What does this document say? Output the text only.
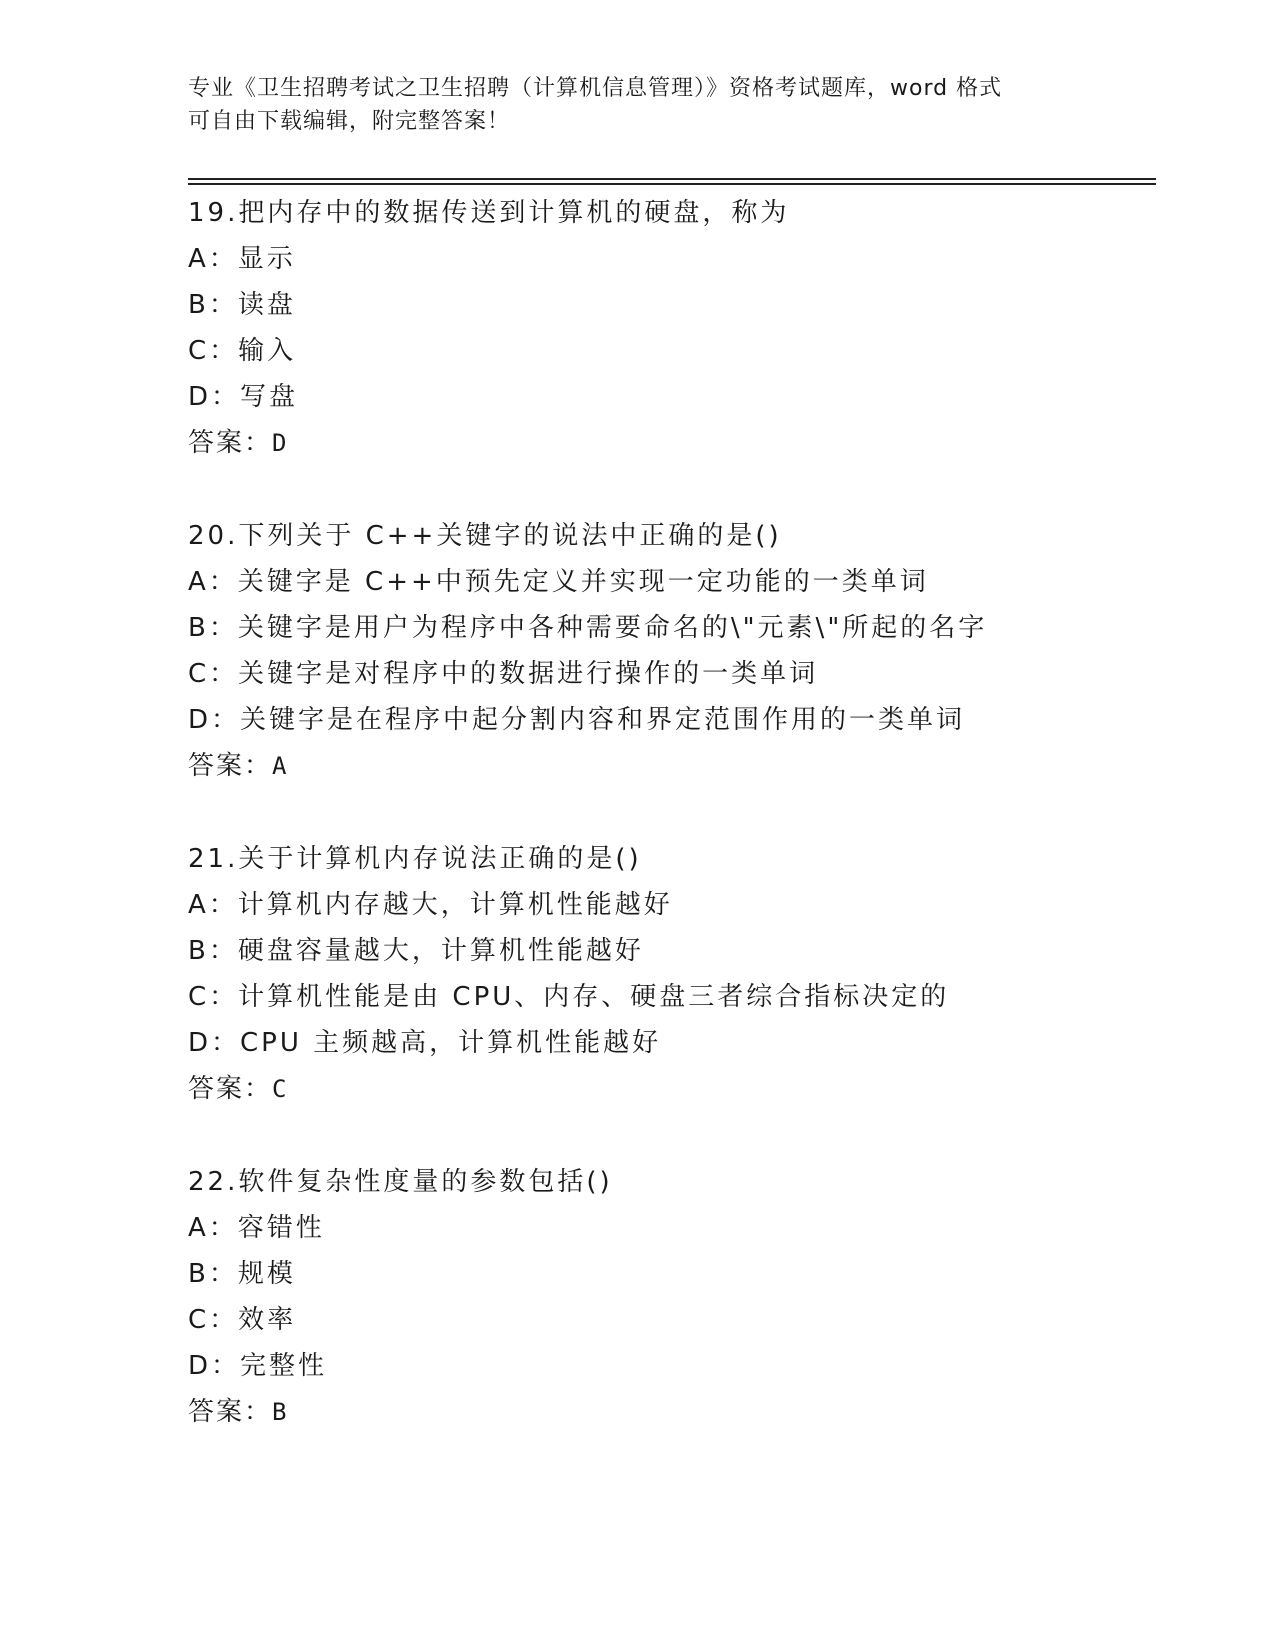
专业《卫生招聘考试之卫生招聘（计算机信息管理）》资格考试题库，word 格式
可自由下载编辑，附完整答案！
19.把内存中的数据传送到计算机的硬盘，称为
A：显示
B：读盘
C：输入
D：写盘
答案：D
20.下列关于 C++关键字的说法中正确的是()
A：关键字是 C++中预先定义并实现一定功能的一类单词
B：关键字是用户为程序中各种需要命名的\"元素\"所起的名字
C：关键字是对程序中的数据进行操作的一类单词
D：关键字是在程序中起分割内容和界定范围作用的一类单词
答案：A
21.关于计算机内存说法正确的是()
A：计算机内存越大，计算机性能越好
B：硬盘容量越大，计算机性能越好
C：计算机性能是由 CPU、内存、硬盘三者综合指标决定的
D：CPU 主频越高，计算机性能越好
答案：C
22.软件复杂性度量的参数包括()
A：容错性
B：规模
C：效率
D：完整性
答案：B
